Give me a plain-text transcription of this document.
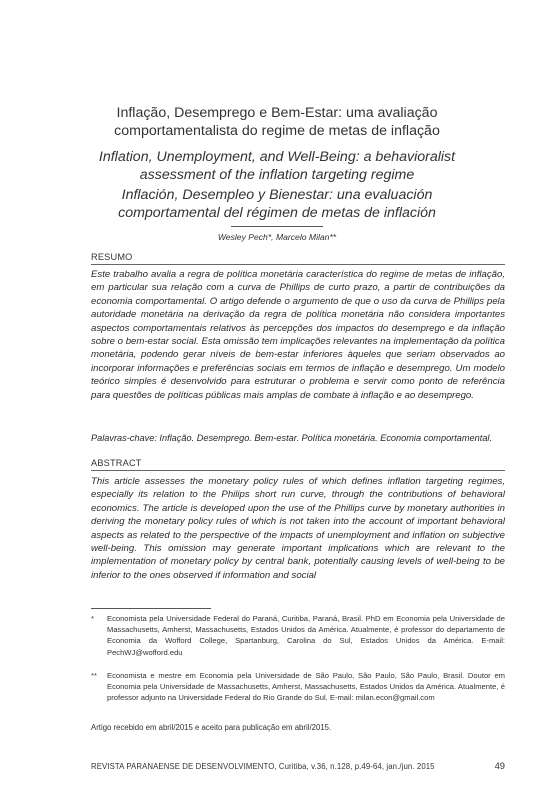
Inflação, Desemprego e Bem-Estar: uma avaliação
comportamentalista do regime de metas de inflação
Inflation, Unemployment, and Well-Being: a behavioralist
assessment of the inflation targeting regime
Inflación, Desempleo y Bienestar: una evaluación
comportamental del régimen de metas de inflación
Wesley Pech*, Marcelo Milan**
RESUMO

Este trabalho avalia a regra de política monetária característica do regime de metas de inflação, em particular sua relação com a curva de Phillips de curto prazo, a partir de contribuições da economia comportamental. O artigo defende o argumento de que o uso da curva de Phillips pela autoridade monetária na derivação da regra de política monetária não considera importantes aspectos comportamentais relativos às percepções dos impactos do desemprego e da inflação sobre o bem-estar social. Esta omissão tem implicações relevantes na implementação da política monetária, podendo gerar níveis de bem-estar inferiores àqueles que seriam observados ao incorporar informações e preferências sociais em termos de inflação e desemprego. Um modelo teórico simples é desenvolvido para estruturar o problema e servir como ponto de referência para questões de políticas públicas mais amplas de combate à inflação e ao desemprego.

Palavras-chave: Inflação. Desemprego. Bem-estar. Política monetária. Economia comportamental.
ABSTRACT

This article assesses the monetary policy rules of which defines inflation targeting regimes, especially its relation to the Philips short run curve, through the contributions of behavioral economics. The article is developed upon the use of the Phillips curve by monetary authorities in deriving the monetary policy rules of which is not taken into the account of important behavioral aspects as related to the perspective of the impacts of unemployment and inflation on subjective well-being. This omission may generate important implications which are relevant to the implementation of monetary policy by central bank, potentially causing levels of well-being to be inferior to the ones observed if information and social

*	Economista pela Universidade Federal do Paraná, Curitiba, Paraná, Brasil. PhD em Economia pela Universidade de Massachusetts, Amherst, Massachusetts, Estados Unidos da América. Atualmente, é professor do departamento de Economia da Wofford College, Spartanburg, Carolina do Sul, Estados Unidos da América. E-mail: PechWJ@wofford.edu
**	Economista e mestre em Economia pela Universidade de São Paulo, São Paulo, São Paulo, Brasil. Doutor em Economia pela Universidade de Massachusetts, Amherst, Massachusetts, Estados Unidos da América. Atualmente, é professor adjunto na Universidade Federal do Rio Grande do Sul. E-mail: milan.econ@gmail.com
Artigo recebido em abril/2015 e aceito para publicação em abril/2015.
REVISTA PARANAENSE DE DESENVOLVIMENTO, Curitiba, v.36, n.128, p.49-64, jan./jun. 2015	49
